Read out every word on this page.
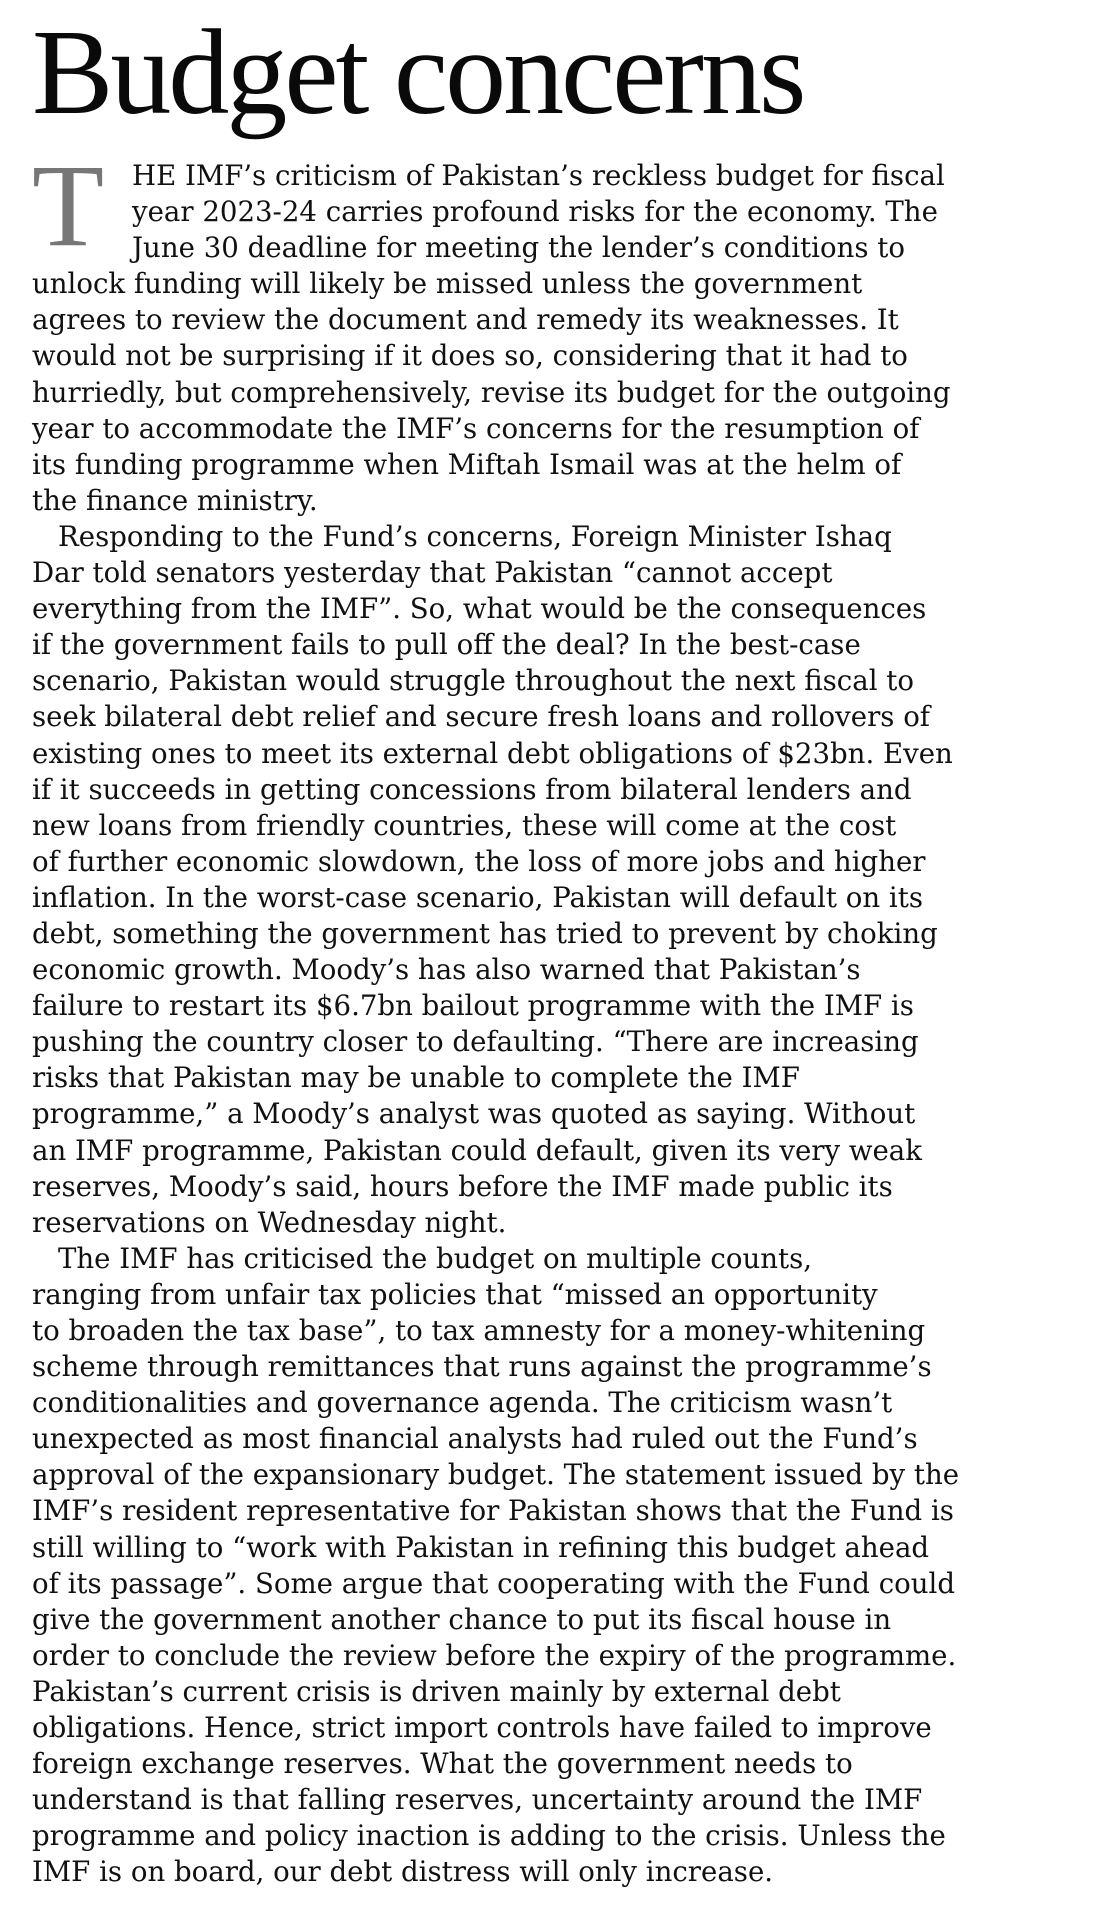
Budget concerns
T	HE IMF’s criticism of Pakistan’s reckless budget for fiscal
year 2023-24 carries profound risks for the economy. The
June 30 deadline for meeting the lender’s conditions to
unlock funding will likely be missed unless the government
agrees to review the document and remedy its weaknesses. It
would not be surprising if it does so, considering that it had to
hurriedly, but comprehensively, revise its budget for the outgoing
year to accommodate the IMF’s concerns for the resumption of
its funding programme when Miftah Ismail was at the helm of
the finance ministry.
Responding to the Fund’s concerns, Foreign Minister Ishaq
Dar told senators yesterday that Pakistan “cannot accept
everything from the IMF”. So, what would be the consequences
if the government fails to pull off the deal? In the best-case
scenario, Pakistan would struggle throughout the next fiscal to
seek bilateral debt relief and secure fresh loans and rollovers of
existing ones to meet its external debt obligations of $23bn. Even
if it succeeds in getting concessions from bilateral lenders and
new loans from friendly countries, these will come at the cost
of further economic slowdown, the loss of more jobs and higher
inflation. In the worst-case scenario, Pakistan will default on its
debt, something the government has tried to prevent by choking
economic growth. Moody’s has also warned that Pakistan’s
failure to restart its $6.7bn bailout programme with the IMF is
pushing the country closer to defaulting. “There are increasing
risks that Pakistan may be unable to complete the IMF
programme,” a Moody’s analyst was quoted as saying. Without
an IMF programme, Pakistan could default, given its very weak
reserves, Moody’s said, hours before the IMF made public its
reservations on Wednesday night.
The IMF has criticised the budget on multiple counts,
ranging from unfair tax policies that “missed an opportunity
to broaden the tax base”, to tax amnesty for a money-whitening
scheme through remittances that runs against the programme’s
conditionalities and governance agenda. The criticism wasn’t
unexpected as most financial analysts had ruled out the Fund’s
approval of the expansionary budget. The statement issued by the
IMF’s resident representative for Pakistan shows that the Fund is
still willing to “work with Pakistan in refining this budget ahead
of its passage”. Some argue that cooperating with the Fund could
give the government another chance to put its fiscal house in
order to conclude the review before the expiry of the programme.
Pakistan’s current crisis is driven mainly by external debt
obligations. Hence, strict import controls have failed to improve
foreign exchange reserves. What the government needs to
understand is that falling reserves, uncertainty around the IMF
programme and policy inaction is adding to the crisis. Unless the
IMF is on board, our debt distress will only increase.
